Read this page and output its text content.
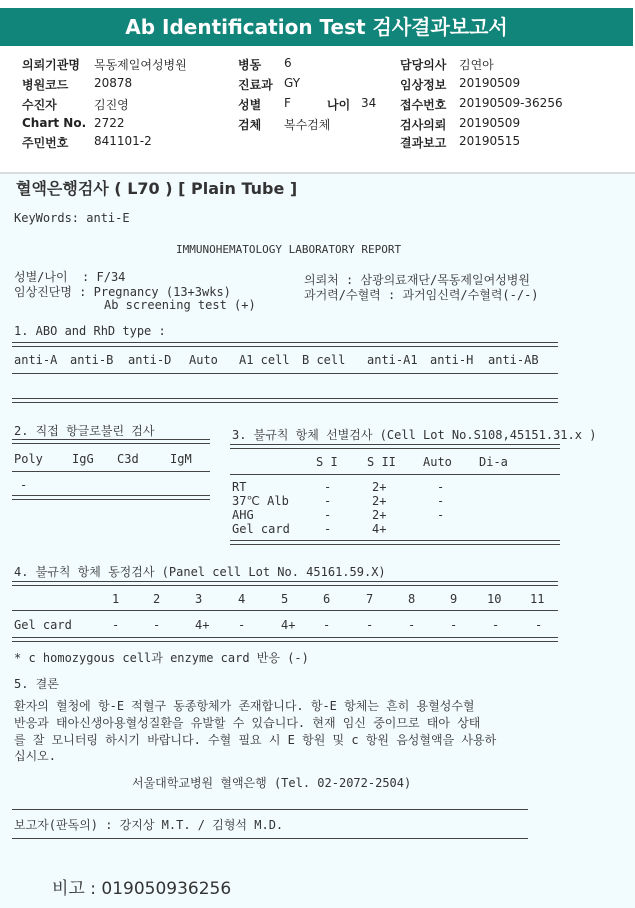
Ab Identification Test 검사결과보고서
의뢰기관명 목동제일여성병원
병원코드 20878
수진자	김진영
Chart No. 2722
주민번호 841101-2
병동 6
진료과 GY
성별 F	나이 34
검체 복수검체
담당의사 김연아
임상정보 20190509
접수번호 20190509-36256
검사의뢰 20190509
결과보고 20190515
혈액은행검사 ( L70 ) [ Plain Tube ]
KeyWords: anti-E
IMMUNOHEMATOLOGY LABORATORY REPORT
성별/나이  : F/34
임상진단명 : Pregnancy (13+3wks)
Ab screening test (+)
의뢰처 : 삼광의료재단/목동제일여성병원
과거력/수혈력 : 과거임신력/수혈력(-/-)
1. ABO and RhD type :
anti-A anti-B anti-D Auto A1 cell B cell anti-A1 anti-H anti-AB
2. 직접 항글로불린 검사
Poly IgG C3d	IgM
-
3. 불규칙 항체 선별검사 (Cell Lot No.S108,45151.31.x )
S I S II Auto Di-a
RT	-	2+	-
37℃ Alb	-	2+	-
AHG	-	2+	-
Gel card	-	4+
4. 불규칙 항체 동정검사 (Panel cell Lot No. 45161.59.X)
1	2	3	4	5	6	7	8	9 10 11
Gel card	-	-	4+ -	4+ -	-	-	-	-	-
* c homozygous cell과 enzyme card 반응 (-)
5. 결론
환자의 혈청에 항-E 적혈구 동종항체가 존재합니다. 항-E 항체는 흔히 용혈성수혈
반응과 태아신생아용혈성질환을 유발할 수 있습니다. 현재 임신 중이므로 태아 상태
를 잘 모니터링 하시기 바랍니다. 수혈 필요 시 E 항원 및 c 항원 음성혈액을 사용하
십시오.
서울대학교병원 혈액은행 (Tel. 02-2072-2504)
보고자(판독의) : 강지상 M.T. / 김형석 M.D.
비고 : 019050936256
